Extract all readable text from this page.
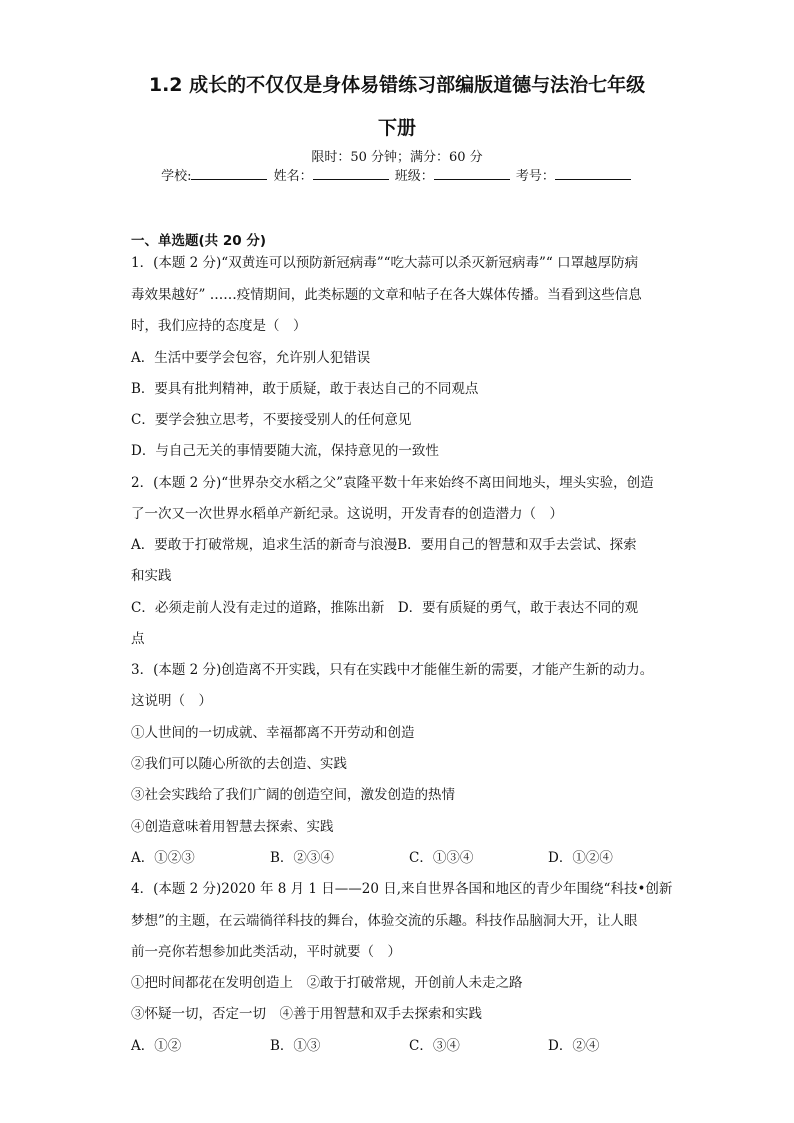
1.2 成长的不仅仅是身体易错练习部编版道德与法治七年级
下册
限时：50 分钟；满分：60 分
学校:	姓名：	班级：	考号：
一、单选题(共 20 分)
1．(本题 2 分)“双黄连可以预防新冠病毒”“吃大蒜可以杀灭新冠病毒”“ 口罩越厚防病
毒效果越好” ……疫情期间，此类标题的文章和帖子在各大媒体传播。当看到这些信息
时，我们应持的态度是（　）
A．生活中要学会包容，允许别人犯错误
B．要具有批判精神，敢于质疑，敢于表达自己的不同观点
C．要学会独立思考，不要接受别人的任何意见
D．与自己无关的事情要随大流，保持意见的一致性
2．(本题 2 分)“世界杂交水稻之父”袁隆平数十年来始终不离田间地头，埋头实验，创造
了一次又一次世界水稻单产新纪录。这说明，开发青春的创造潜力（　）
A．要敢于打破常规，追求生活的新奇与浪漫B．要用自己的智慧和双手去尝试、探索
和实践
C．必须走前人没有走过的道路，推陈出新　D．要有质疑的勇气，敢于表达不同的观
点
3．(本题 2 分)创造离不开实践，只有在实践中才能催生新的需要，才能产生新的动力。
这说明（　）
①人世间的一切成就、幸福都离不开劳动和创造
②我们可以随心所欲的去创造、实践
③社会实践给了我们广阔的创造空间，激发创造的热情
④创造意味着用智慧去探索、实践
A．①②③	B．②③④	C．①③④	D．①②④
4．(本题 2 分)2020 年 8 月 1 日——20 日,来自世界各国和地区的青少年围绕“科技•创新
梦想”的主题，在云端徜徉科技的舞台，体验交流的乐趣。科技作品脑洞大开，让人眼
前一亮你若想参加此类活动，平时就要（　）
①把时间都花在发明创造上　②敢于打破常规，开创前人未走之路
③怀疑一切，否定一切　④善于用智慧和双手去探索和实践
A．①②	B．①③	C．③④	D．②④
